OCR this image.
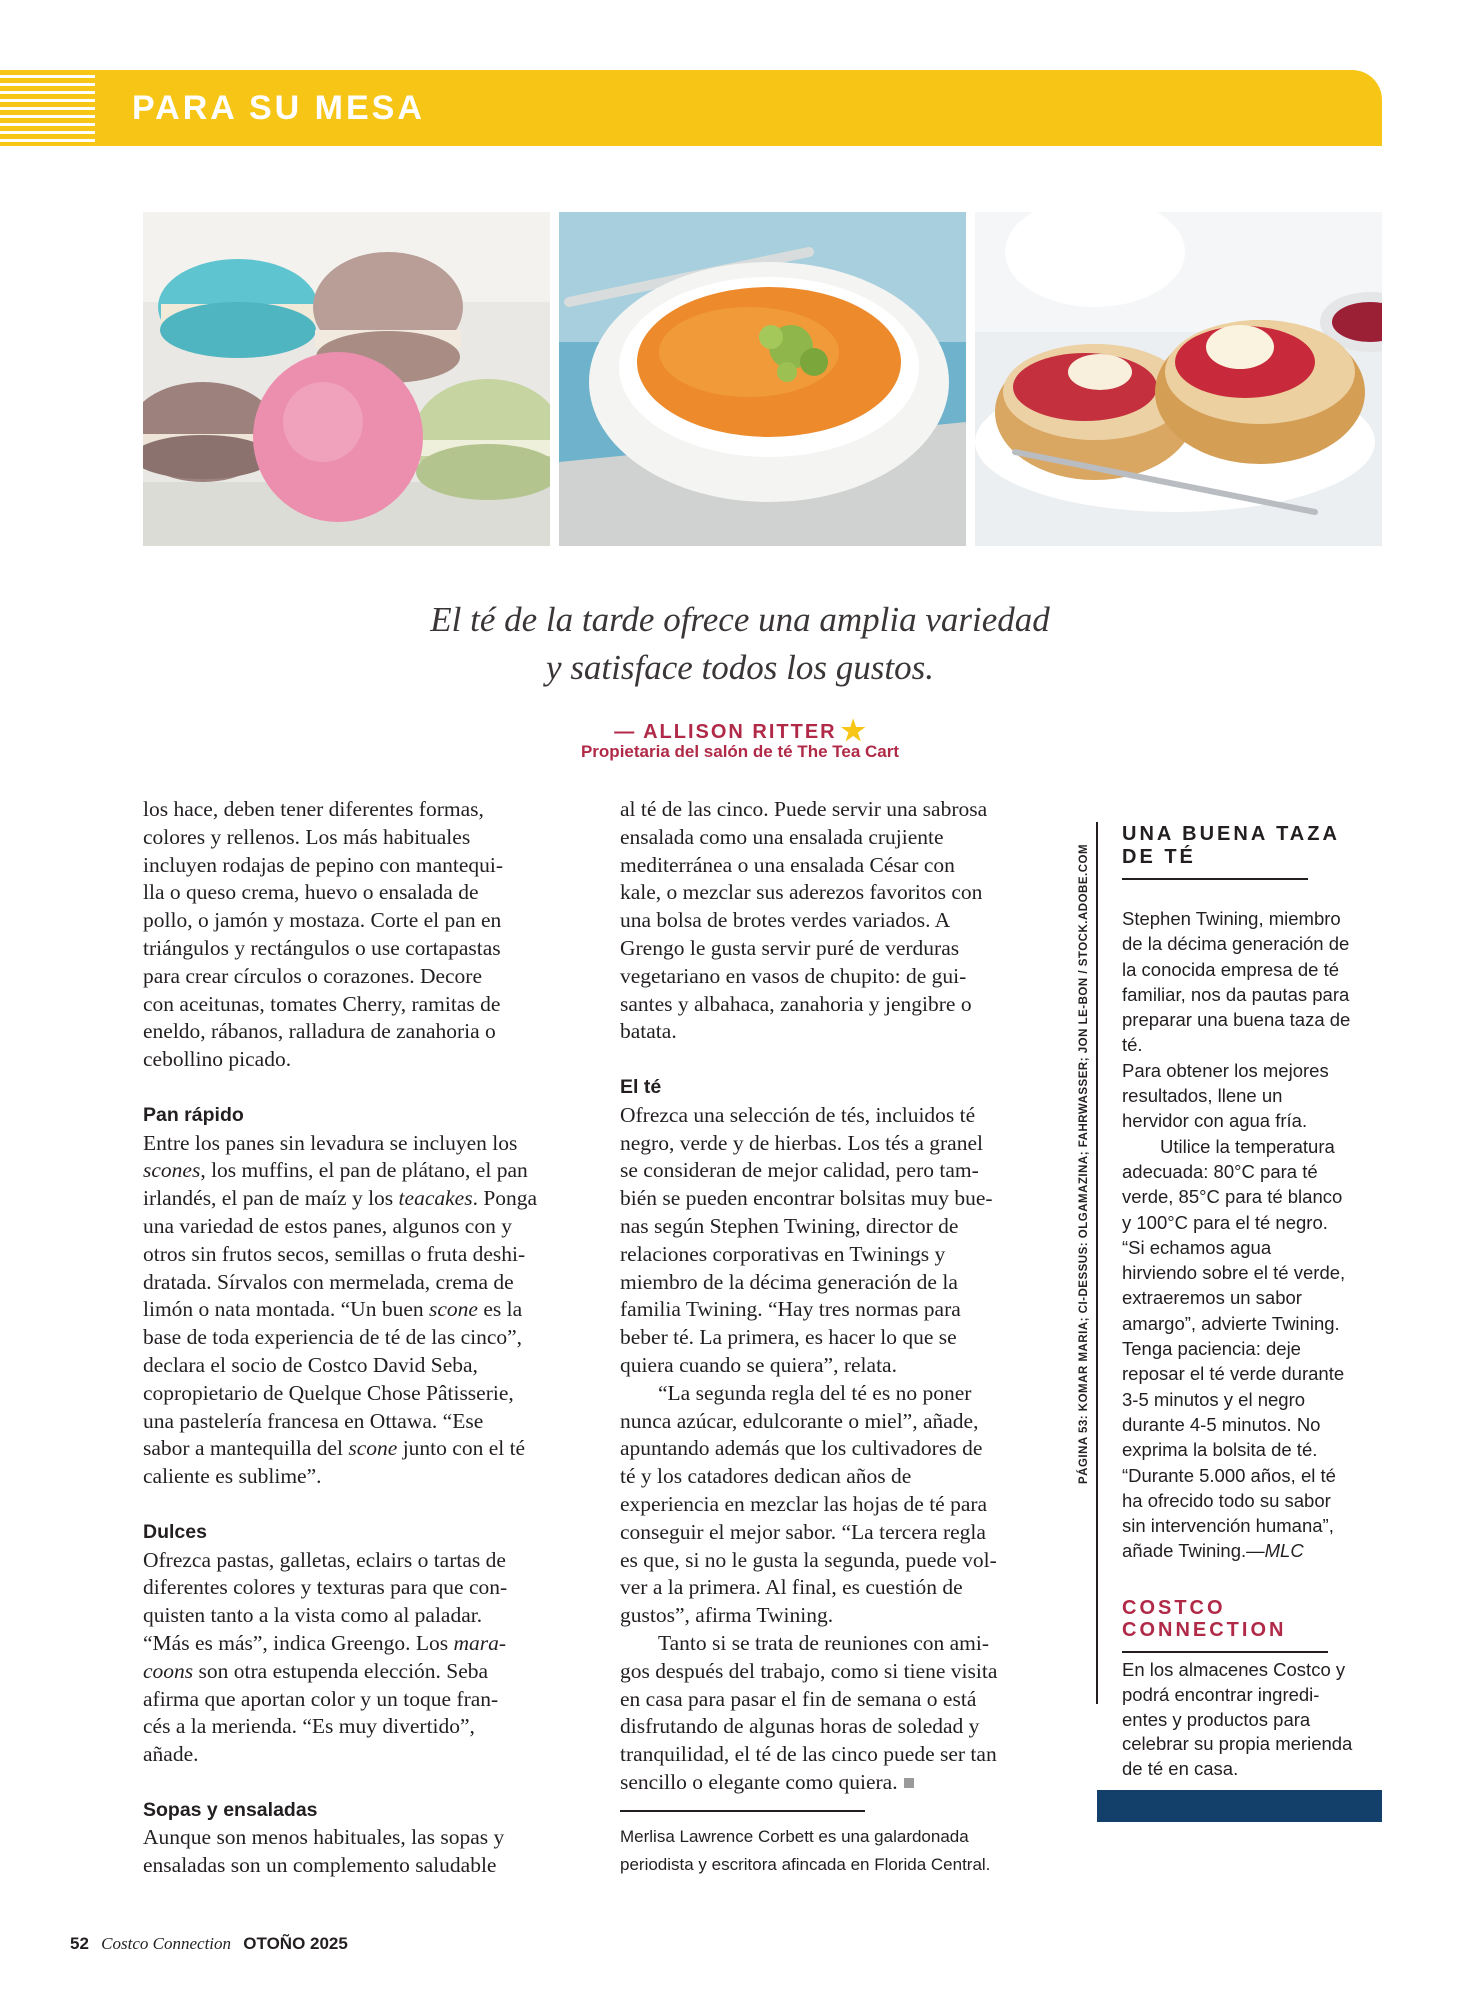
PARA SU MESA
El té de la tarde ofrece una amplia variedad
y satisface todos los gustos.
— ALLISON RITTER ★
Propietaria del salón de té The Tea Cart
los hace, deben tener diferentes formas,
colores y rellenos. Los más habituales
incluyen rodajas de pepino con mantequi-
lla o queso crema, huevo o ensalada de
pollo, o jamón y mostaza. Corte el pan en
triángulos y rectángulos o use cortapastas
para crear círculos o corazones. Decore
con aceitunas, tomates Cherry, ramitas de
eneldo, rábanos, ralladura de zanahoria o
cebollino picado.
Pan rápido
Entre los panes sin levadura se incluyen los
scones, los muffins, el pan de plátano, el pan
irlandés, el pan de maíz y los teacakes. Ponga
una variedad de estos panes, algunos con y
otros sin frutos secos, semillas o fruta deshi-
dratada. Sírvalos con mermelada, crema de
limón o nata montada. “Un buen scone es la
base de toda experiencia de té de las cinco”,
declara el socio de Costco David Seba,
copropietario de Quelque Chose Pâtisserie,
una pastelería francesa en Ottawa. “Ese
sabor a mantequilla del scone junto con el té
caliente es sublime”.
Dulces
Ofrezca pastas, galletas, eclairs o tartas de
diferentes colores y texturas para que con-
quisten tanto a la vista como al paladar.
“Más es más”, indica Greengo. Los mara-
coons son otra estupenda elección. Seba
afirma que aportan color y un toque fran-
cés a la merienda. “Es muy divertido”,
añade.
Sopas y ensaladas
Aunque son menos habituales, las sopas y
ensaladas son un complemento saludable
al té de las cinco. Puede servir una sabrosa
ensalada como una ensalada crujiente
mediterránea o una ensalada César con
kale, o mezclar sus aderezos favoritos con
una bolsa de brotes verdes variados. A
Grengo le gusta servir puré de verduras
vegetariano en vasos de chupito: de gui-
santes y albahaca, zanahoria y jengibre o
batata.
El té
Ofrezca una selección de tés, incluidos té
negro, verde y de hierbas. Los tés a granel
se consideran de mejor calidad, pero tam-
bién se pueden encontrar bolsitas muy bue-
nas según Stephen Twining, director de
relaciones corporativas en Twinings y
miembro de la décima generación de la
familia Twining. “Hay tres normas para
beber té. La primera, es hacer lo que se
quiera cuando se quiera”, relata.
“La segunda regla del té es no poner
nunca azúcar, edulcorante o miel”, añade,
apuntando además que los cultivadores de
té y los catadores dedican años de
experiencia en mezclar las hojas de té para
conseguir el mejor sabor. “La tercera regla
es que, si no le gusta la segunda, puede vol-
ver a la primera. Al final, es cuestión de
gustos”, afirma Twining.
Tanto si se trata de reuniones con ami-
gos después del trabajo, como si tiene visita
en casa para pasar el fin de semana o está
disfrutando de algunas horas de soledad y
tranquilidad, el té de las cinco puede ser tan
sencillo o elegante como quiera.
Merlisa Lawrence Corbett es una galardonada
periodista y escritora afincada en Florida Central.
PÁGINA 53: KOMAR MARIA; CI-DESSUS: OLGAMAZINA; FAHRWASSER; JON LE-BON / STOCK.ADOBE.COM
UNA BUENA TAZA
DE TÉ
Stephen Twining, miembro
de la décima generación de
la conocida empresa de té
familiar, nos da pautas para
preparar una buena taza de
té.
Para obtener los mejores
resultados, llene un
hervidor con agua fría.
Utilice la temperatura
adecuada: 80°C para té
verde, 85°C para té blanco
y 100°C para el té negro.
“Si echamos agua
hirviendo sobre el té verde,
extraeremos un sabor
amargo”, advierte Twining.
Tenga paciencia: deje
reposar el té verde durante
3-5 minutos y el negro
durante 4-5 minutos. No
exprima la bolsita de té.
“Durante 5.000 años, el té
ha ofrecido todo su sabor
sin intervención humana”,
añade Twining.—MLC
COSTCO
CONNECTION
En los almacenes Costco y
podrá encontrar ingredi-
entes y productos para
celebrar su propia merienda
de té en casa.
52 Costco Connection OTOÑO 2025
